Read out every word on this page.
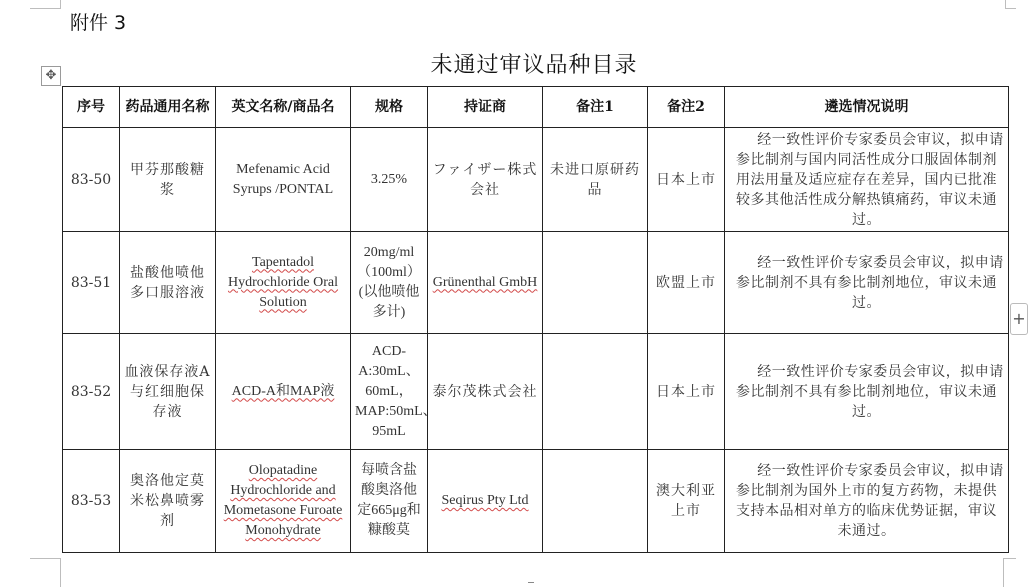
附件 3
未通过审议品种目录
✥
+
序号	药品通用名称	英文名称/商品名	规格	持证商	备注1	备注2	遴选情况说明
83-50	甲芬那酸糖浆	Mefenamic Acid Syrups /PONTAL	3.25%	ファイザー株式会社	未进口原研药品	日本上市	经一致性评价专家委员会审议，拟申请参比制剂与国内同活性成分口服固体制剂用法用量及适应症存在差异，国内已批准较多其他活性成分解热镇痛药，审议未通过。
83-51	盐酸他喷他多口服溶液	Tapentadol Hydrochloride Oral Solution	20mg/ml（100ml）(以他喷他多计)	Grünenthal GmbH		欧盟上市	经一致性评价专家委员会审议，拟申请参比制剂不具有参比制剂地位，审议未通过。
83-52	血液保存液A与红细胞保存液	ACD-A和MAP液	ACD-A:30mL、60mL，MAP:50mL、95mL	泰尔茂株式会社		日本上市	经一致性评价专家委员会审议，拟申请参比制剂不具有参比制剂地位，审议未通过。
83-53	奥洛他定莫米松鼻喷雾剂	Olopatadine Hydrochloride and Mometasone Furoate Monohydrate	每喷含盐酸奥洛他定665μg和糠酸莫	Seqirus Pty Ltd		澳大利亚上市	经一致性评价专家委员会审议，拟申请参比制剂为国外上市的复方药物，未提供支持本品相对单方的临床优势证据，审议未通过。
